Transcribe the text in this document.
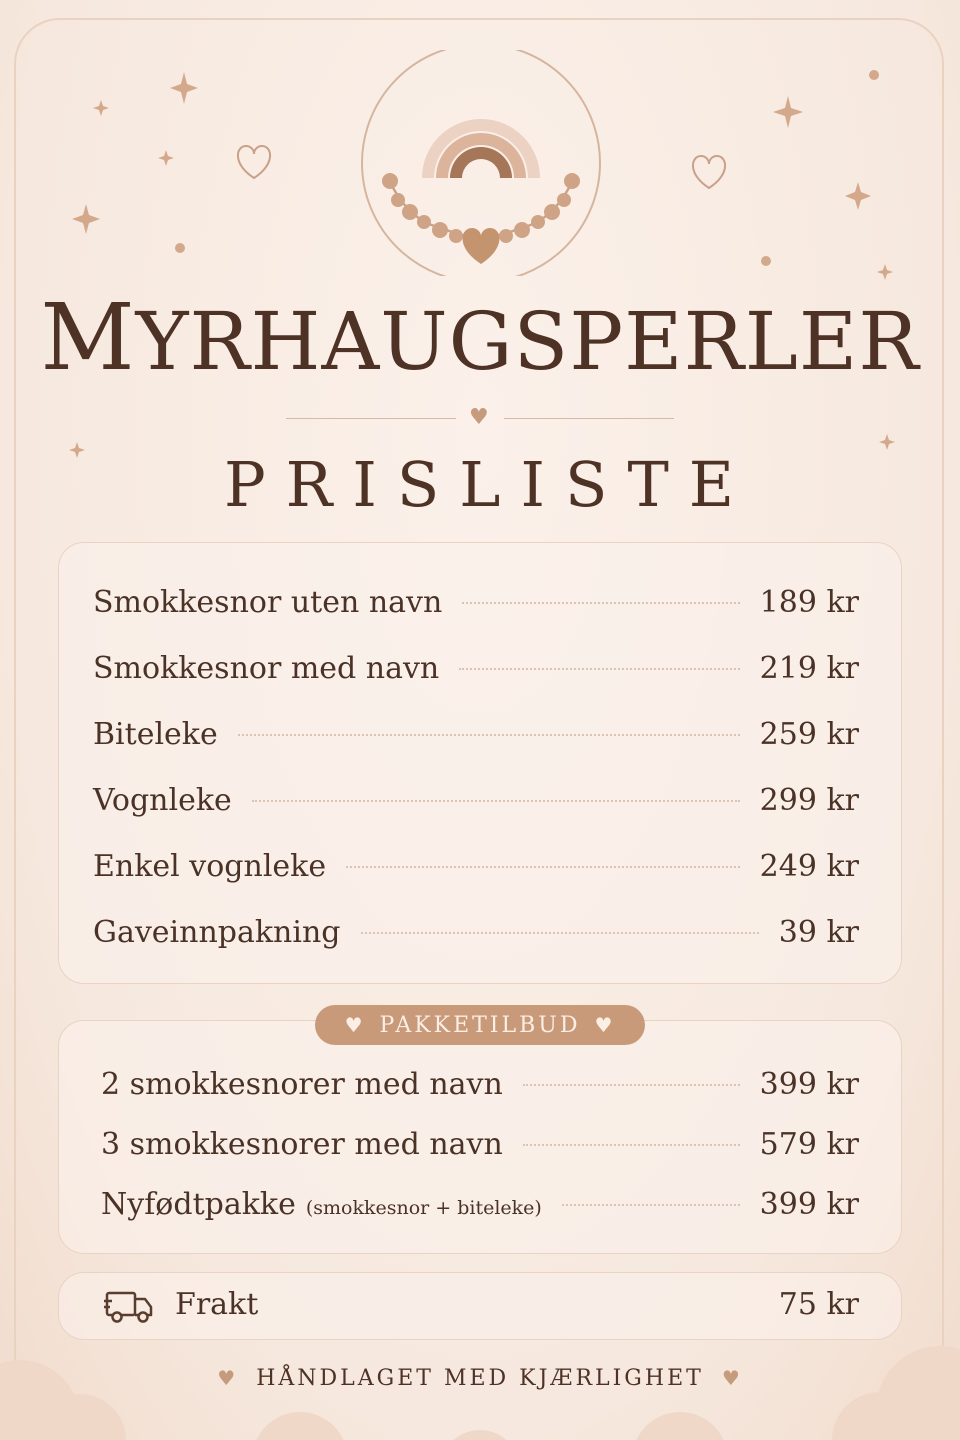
MYRHAUGSPERLER
♥
PRISLISTE
Smokkesnor uten navn	189 kr
Smokkesnor med navn	219 kr
Biteleke	259 kr
Vognleke	299 kr
Enkel vognleke	249 kr
Gaveinnpakning	39 kr
2 smokkesnorer med navn	399 kr
3 smokkesnorer med navn	579 kr
Nyfødtpakke (smokkesnor + biteleke)	399 kr
♥ PAKKETILBUD ♥
Frakt	75 kr
♥ HÅNDLAGET MED KJÆRLIGHET ♥
